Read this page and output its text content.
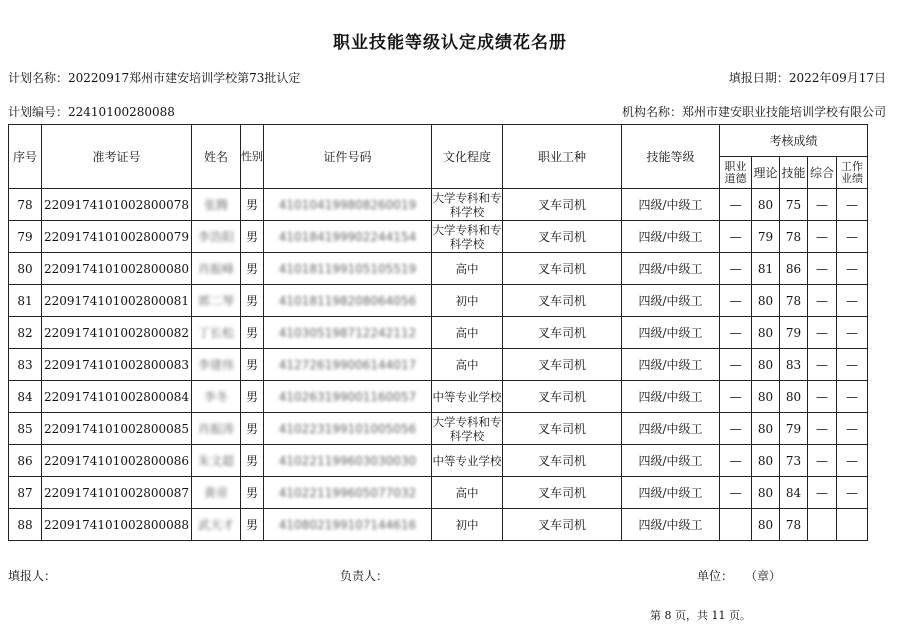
职业技能等级认定成绩花名册
计划名称：20220917郑州市建安培训学校第73批认定	填报日期：2022年09月17日
计划编号：22410100280088	机构名称：郑州市建安职业技能培训学校有限公司
序号	准考证号	姓名	性别	证件号码	文化程度	职业工种	技能等级	考核成绩				
								职业道德	理论	技能	综合	工作业绩
78	2209174101002800078	张腾	男	410104199808260019	大学专科和专科学校	叉车司机	四级/中级工	—	80	75	—	—
79	2209174101002800079	李浩阳	男	410184199902244154	大学专科和专科学校	叉车司机	四级/中级工	—	79	78	—	—
80	2209174101002800080	肖振峰	男	410181199105105519	高中	叉车司机	四级/中级工	—	81	86	—	—
81	2209174101002800081	郭二琴	男	410181198208064056	初中	叉车司机	四级/中级工	—	80	78	—	—
82	2209174101002800082	丁长松	男	410305198712242112	高中	叉车司机	四级/中级工	—	80	79	—	—
83	2209174101002800083	李建伟	男	412726199006144017	高中	叉车司机	四级/中级工	—	80	83	—	—
84	2209174101002800084	李冬	男	410263199001160057	中等专业学校	叉车司机	四级/中级工	—	80	80	—	—
85	2209174101002800085	肖振涛	男	410223199101005056	大学专科和专科学校	叉车司机	四级/中级工	—	80	79	—	—
86	2209174101002800086	朱文超	男	410221199603030030	中等专业学校	叉车司机	四级/中级工	—	80	73	—	—
87	2209174101002800087	黄帝	男	410221199605077032	高中	叉车司机	四级/中级工	—	80	84	—	—
88	2209174101002800088	武天才	男	410802199107144616	初中	叉车司机	四级/中级工		80	78		
填报人：	负责人：	单位： （章）
第 8 页，共 11 页。
